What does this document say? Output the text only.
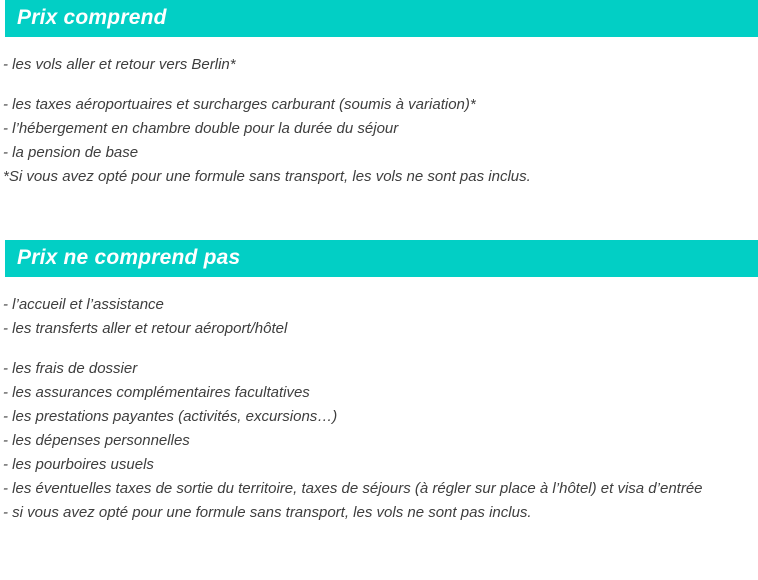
Prix comprend
- les vols aller et retour vers Berlin*
- les taxes aéroportuaires et surcharges carburant (soumis à variation)*
- l’hébergement en chambre double pour la durée du séjour
- la pension de base
*Si vous avez opté pour une formule sans transport, les vols ne sont pas inclus.
Prix ne comprend pas
- l’accueil et l’assistance
- les transferts aller et retour aéroport/hôtel
- les frais de dossier
- les assurances complémentaires facultatives
- les prestations payantes (activités, excursions…)
- les dépenses personnelles
- les pourboires usuels
- les éventuelles taxes de sortie du territoire, taxes de séjours (à régler sur place à l’hôtel) et visa d’entrée
- si vous avez opté pour une formule sans transport, les vols ne sont pas inclus.
